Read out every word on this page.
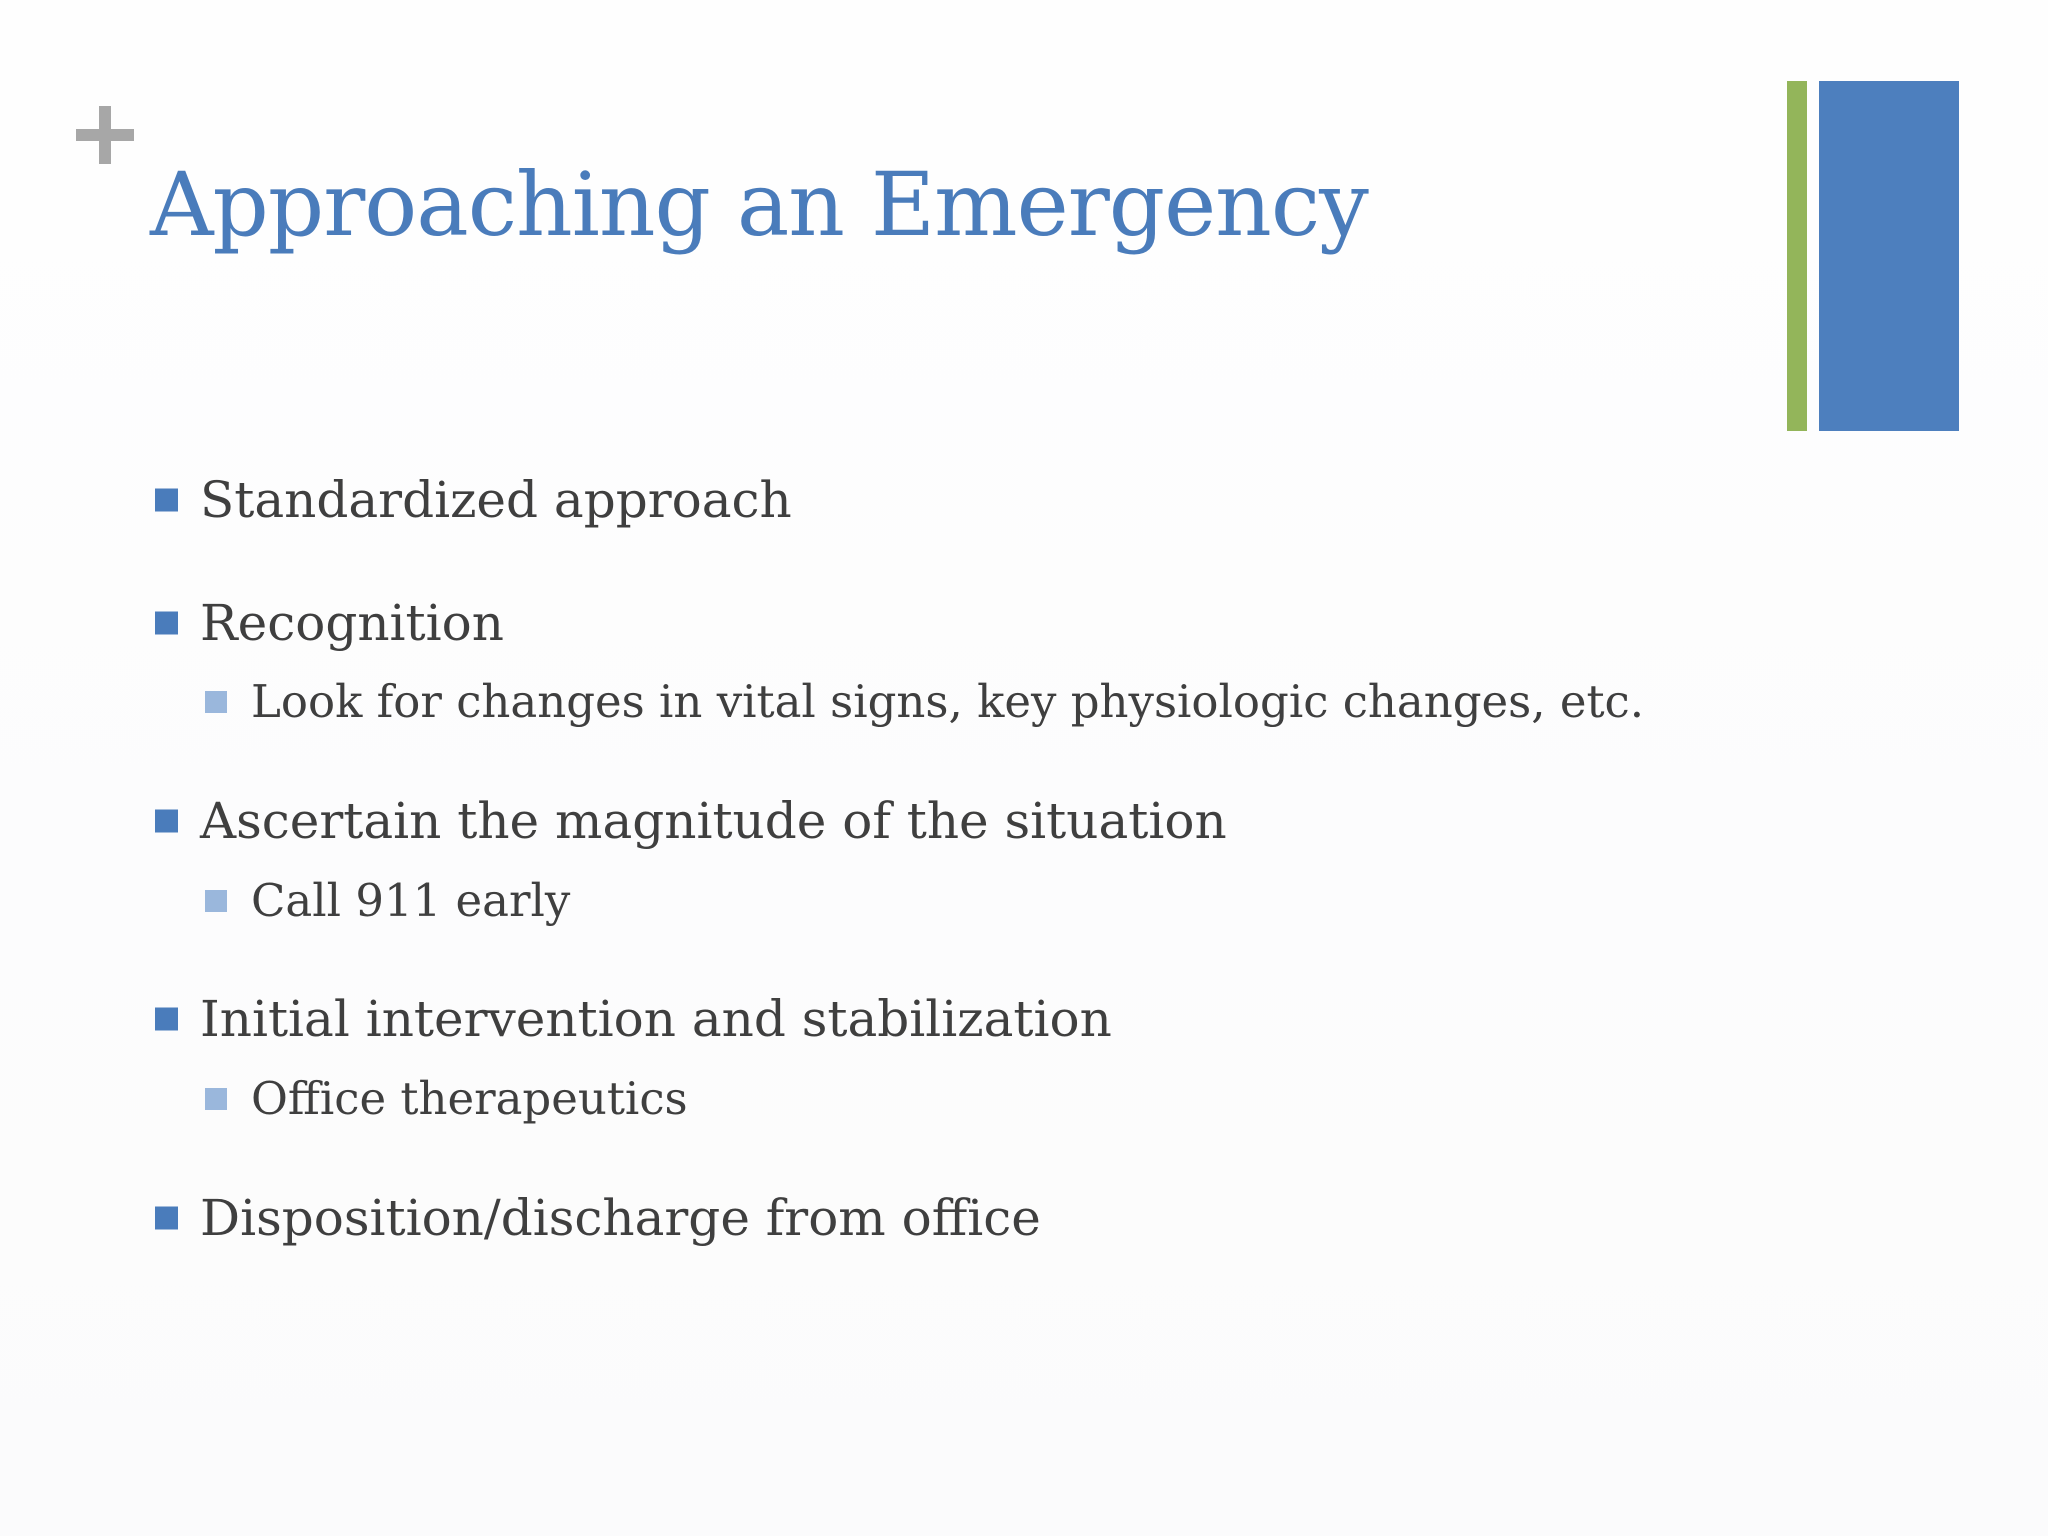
Approaching an Emergency
Standardized approach
Recognition
Look for changes in vital signs, key physiologic changes, etc.
Ascertain the magnitude of the situation
Call 911 early
Initial intervention and stabilization
Office therapeutics
Disposition/discharge from office
